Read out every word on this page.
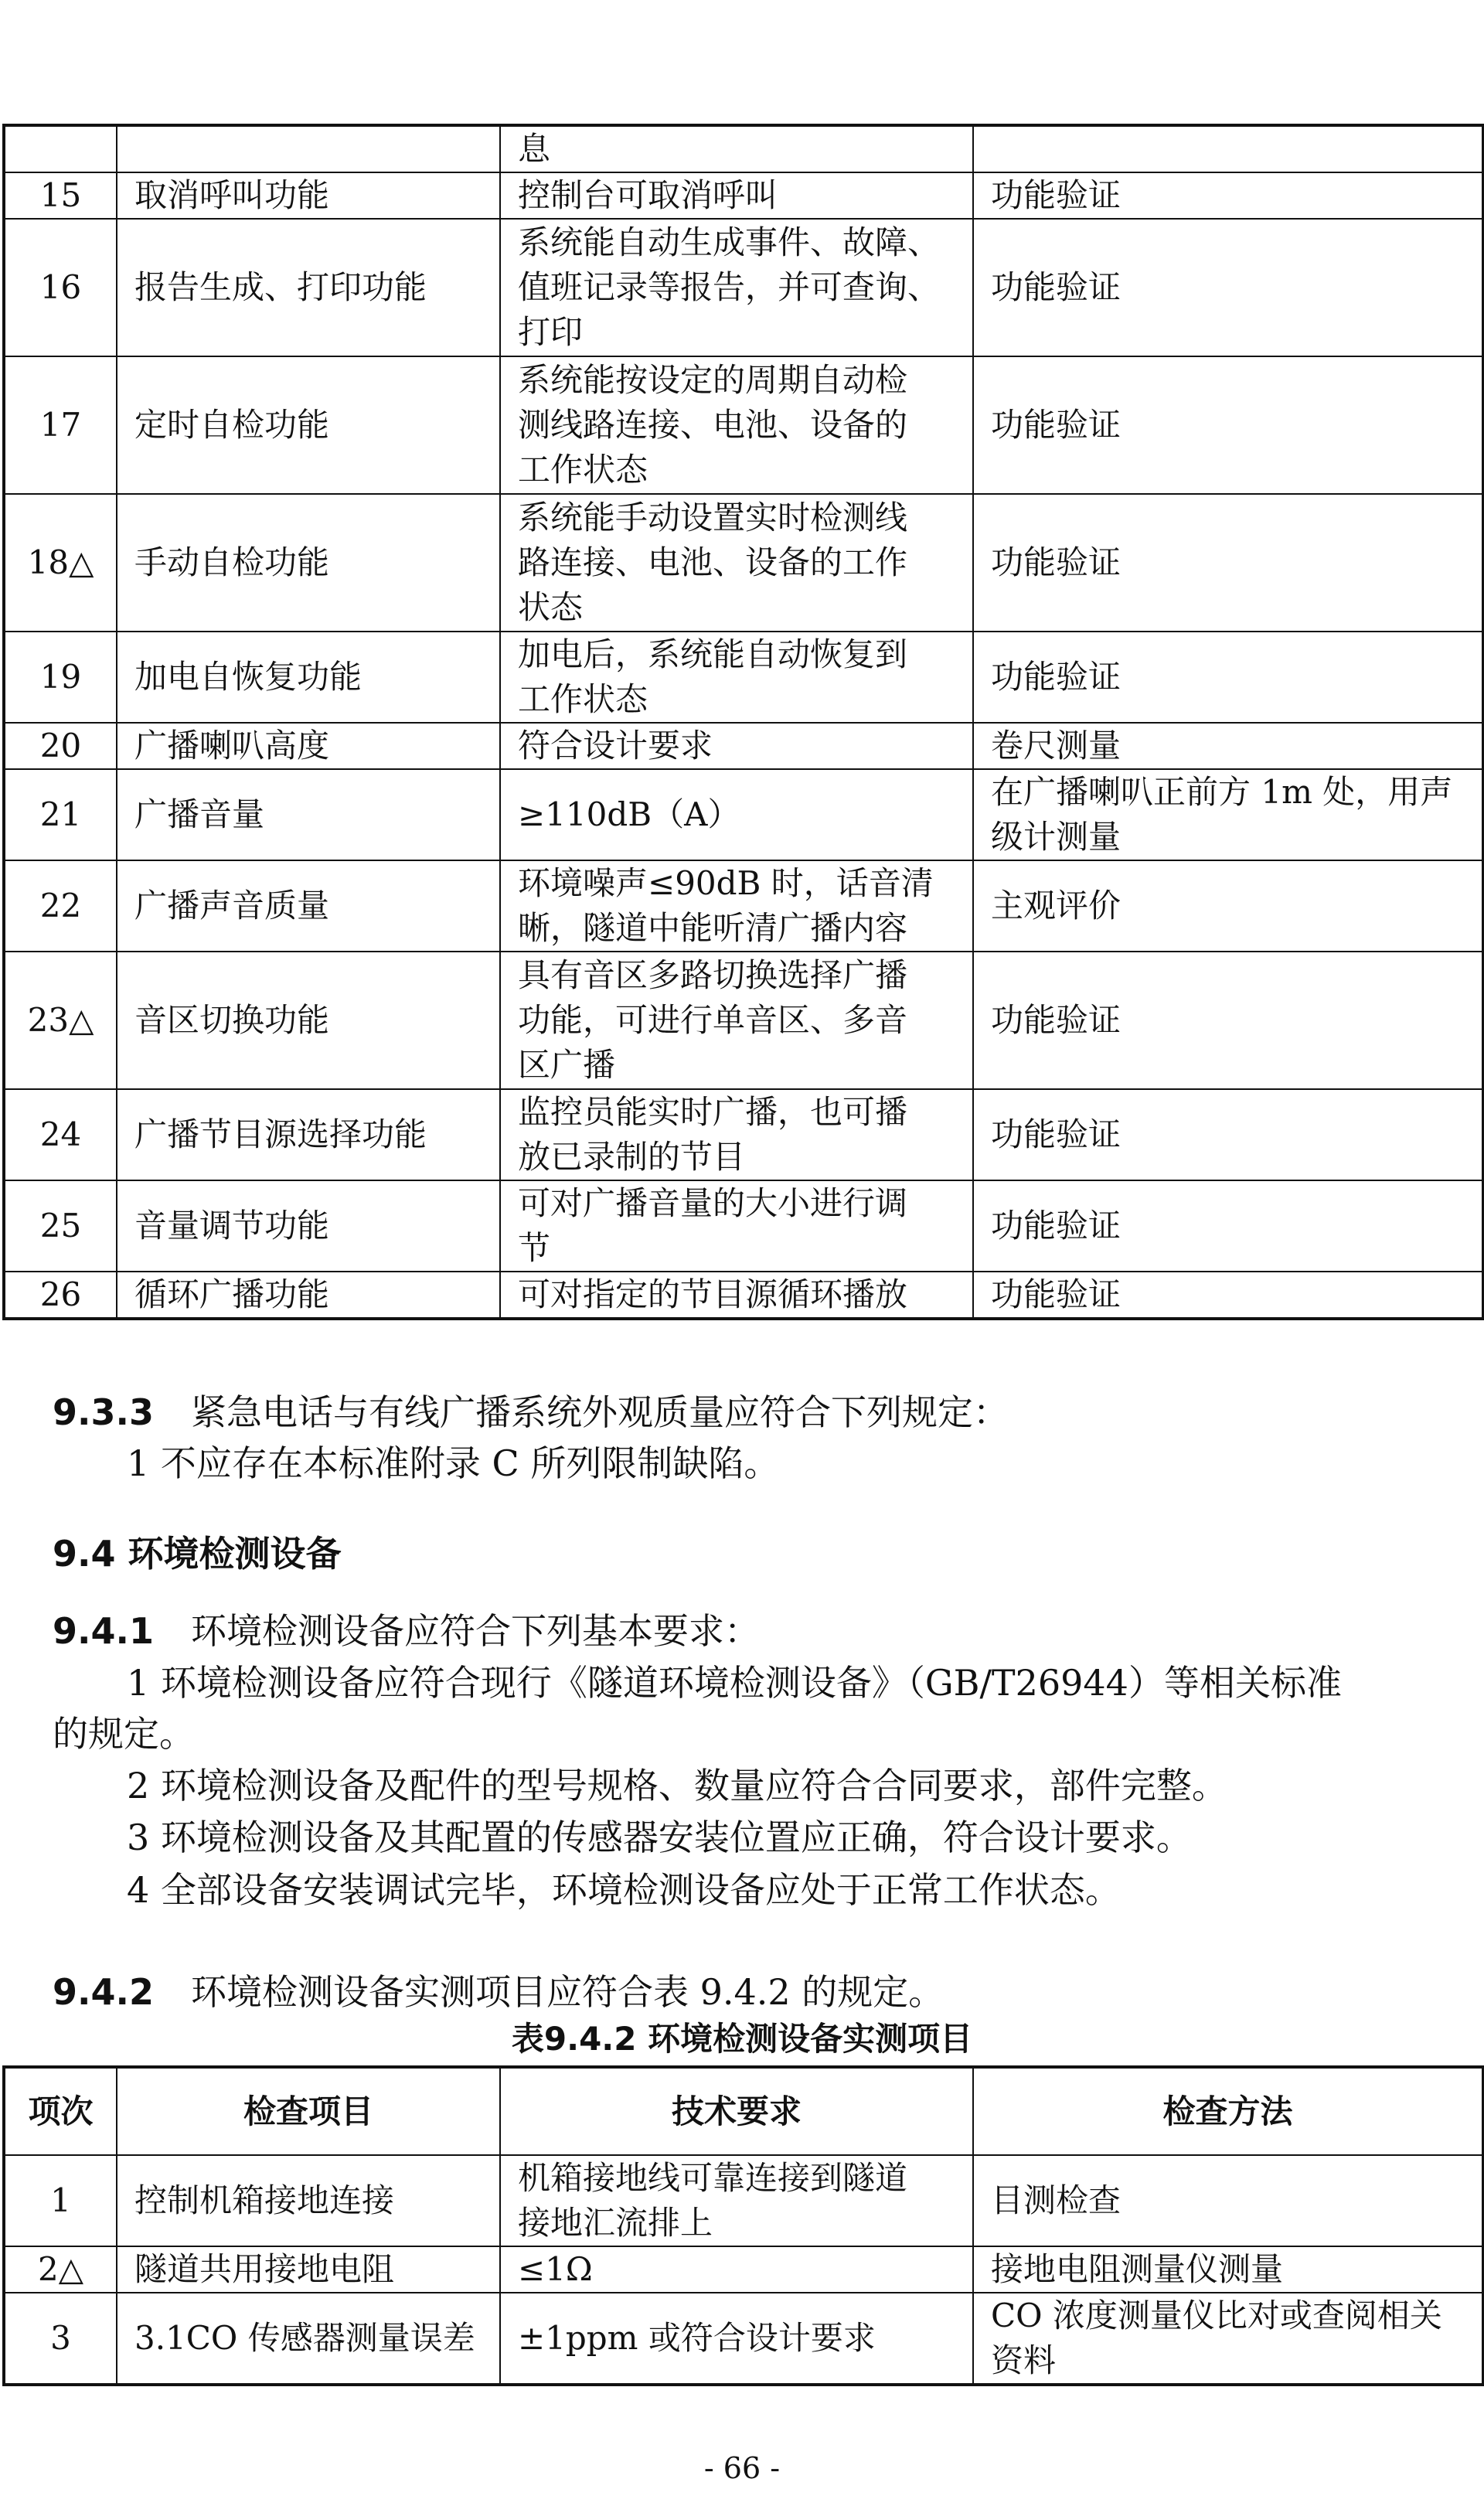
		息	
15	取消呼叫功能	控制台可取消呼叫	功能验证
16	报告生成、打印功能	系统能自动生成事件、故障、
值班记录等报告，并可查询、
打印	功能验证
17	定时自检功能	系统能按设定的周期自动检
测线路连接、电池、设备的
工作状态	功能验证
18△	手动自检功能	系统能手动设置实时检测线
路连接、电池、设备的工作
状态	功能验证
19	加电自恢复功能	加电后，系统能自动恢复到
工作状态	功能验证
20	广播喇叭高度	符合设计要求	卷尺测量
21	广播音量	≥110dB（A）	在广播喇叭正前方 1m 处，用声
级计测量
22	广播声音质量	环境噪声≤90dB 时，话音清
晰，隧道中能听清广播内容	主观评价
23△	音区切换功能	具有音区多路切换选择广播
功能，可进行单音区、多音
区广播	功能验证
24	广播节目源选择功能	监控员能实时广播，也可播
放已录制的节目	功能验证
25	音量调节功能	可对广播音量的大小进行调
节	功能验证
26	循环广播功能	可对指定的节目源循环播放	功能验证
9.3.3 紧急电话与有线广播系统外观质量应符合下列规定：
1 不应存在本标准附录 C 所列限制缺陷。
9.4 环境检测设备
9.4.1 环境检测设备应符合下列基本要求：
1 环境检测设备应符合现行《隧道环境检测设备》（GB/T26944）等相关标准
的规定。
2 环境检测设备及配件的型号规格、数量应符合合同要求，部件完整。
3 环境检测设备及其配置的传感器安装位置应正确，符合设计要求。
4 全部设备安装调试完毕，环境检测设备应处于正常工作状态。
9.4.2 环境检测设备实测项目应符合表 9.4.2 的规定。
表9.4.2 环境检测设备实测项目
项次	检查项目	技术要求	检查方法
1	控制机箱接地连接	机箱接地线可靠连接到隧道
接地汇流排上	目测检查
2△	隧道共用接地电阻	≤1Ω	接地电阻测量仪测量
3	3.1CO 传感器测量误差	±1ppm 或符合设计要求	CO 浓度测量仪比对或查阅相关
资料
- 66 -
